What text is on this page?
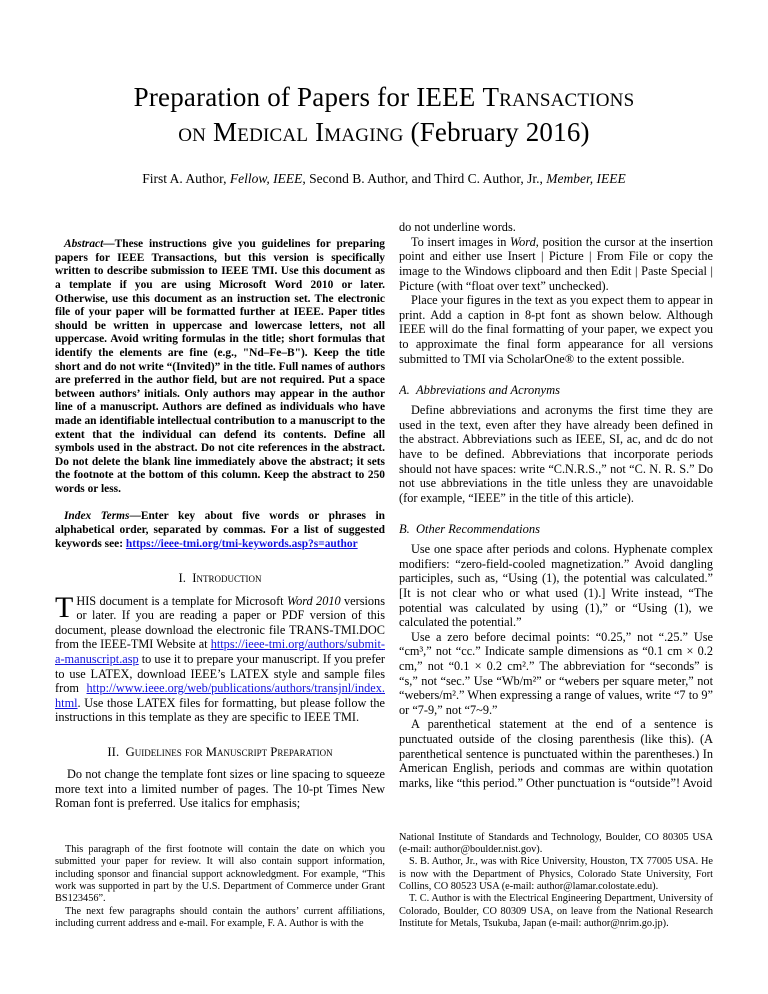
Preparation of Papers for IEEE Transactions
on Medical Imaging (February 2016)
First A. Author, Fellow, IEEE, Second B. Author, and Third C. Author, Jr., Member, IEEE

Abstract—These instructions give you guidelines for preparing papers for IEEE Transactions, but this version is specifically written to describe submission to IEEE TMI. Use this document as a template if you are using Microsoft Word 2010 or later. Otherwise, use this document as an instruction set. The electronic file of your paper will be formatted further at IEEE. Paper titles should be written in uppercase and lowercase letters, not all uppercase. Avoid writing formulas in the title; short formulas that identify the elements are fine (e.g., "Nd–Fe–B"). Keep the title short and do not write “(Invited)” in the title. Full names of authors are preferred in the author field, but are not required. Put a space between authors’ initials. Only authors may appear in the author line of a manuscript. Authors are defined as individuals who have made an identifiable intellectual contribution to a manuscript to the extent that the individual can defend its contents. Define all symbols used in the abstract. Do not cite references in the abstract. Do not delete the blank line immediately above the abstract; it sets the footnote at the bottom of this column. Keep the abstract to 250 words or less.

Index Terms—Enter key about five words or phrases in alphabetical order, separated by commas. For a list of suggested keywords see: https://ieee-tmi.org/tmi-keywords.asp?s=author

I. Introduction

THIS document is a template for Microsoft Word 2010 versions or later. If you are reading a paper or PDF version of this document, please download the electronic file TRANS-TMI.DOC from the IEEE-TMI Website at https://ieee-tmi.org/authors/submit-a-manuscript.asp to use it to prepare your manuscript. If you prefer to use LATEX, download IEEE’s LATEX style and sample files from http://www.ieee.org/web/publications/authors/transjnl/index.html. Use those LATEX files for formatting, but please follow the instructions in this template as they are specific to IEEE TMI.

II. Guidelines for Manuscript Preparation

Do not change the template font sizes or line spacing to squeeze more text into a limited number of pages. The 10-pt Times New Roman font is preferred. Use italics for emphasis;

This paragraph of the first footnote will contain the date on which you submitted your paper for review. It will also contain support information, including sponsor and financial support acknowledgment. For example, “This work was supported in part by the U.S. Department of Commerce under Grant BS123456”.

The next few paragraphs should contain the authors’ current affiliations, including current address and e-mail. For example, F. A. Author is with the

do not underline words.

To insert images in Word, position the cursor at the insertion point and either use Insert | Picture | From File or copy the image to the Windows clipboard and then Edit | Paste Special | Picture (with “float over text” unchecked).

Place your figures in the text as you expect them to appear in print. Add a caption in 8-pt font as shown below. Although IEEE will do the final formatting of your paper, we expect you to approximate the final form appearance for all versions submitted to TMI via ScholarOne® to the extent possible.

A. Abbreviations and Acronyms

Define abbreviations and acronyms the first time they are used in the text, even after they have already been defined in the abstract. Abbreviations such as IEEE, SI, ac, and dc do not have to be defined. Abbreviations that incorporate periods should not have spaces: write “C.N.R.S.,” not “C. N. R. S.” Do not use abbreviations in the title unless they are unavoidable (for example, “IEEE” in the title of this article).

B. Other Recommendations

Use one space after periods and colons. Hyphenate complex modifiers: “zero-field-cooled magnetization.” Avoid dangling participles, such as, “Using (1), the potential was calculated.” [It is not clear who or what used (1).] Write instead, “The potential was calculated by using (1),” or “Using (1), we calculated the potential.”

Use a zero before decimal points: “0.25,” not “.25.” Use “cm³,” not “cc.” Indicate sample dimensions as “0.1 cm × 0.2 cm,” not “0.1 × 0.2 cm².” The abbreviation for “seconds” is “s,” not “sec.” Use “Wb/m²” or “webers per square meter,” not “webers/m².” When expressing a range of values, write “7 to 9” or “7-9,” not “7~9.”

A parenthetical statement at the end of a sentence is punctuated outside of the closing parenthesis (like this). (A parenthetical sentence is punctuated within the parentheses.) In American English, periods and commas are within quotation marks, like “this period.” Other punctuation is “outside”! Avoid

National Institute of Standards and Technology, Boulder, CO 80305 USA (e-mail: author@boulder.nist.gov).

S. B. Author, Jr., was with Rice University, Houston, TX 77005 USA. He is now with the Department of Physics, Colorado State University, Fort Collins, CO 80523 USA (e-mail: author@lamar.colostate.edu).

T. C. Author is with the Electrical Engineering Department, University of Colorado, Boulder, CO 80309 USA, on leave from the National Research Institute for Metals, Tsukuba, Japan (e-mail: author@nrim.go.jp).
